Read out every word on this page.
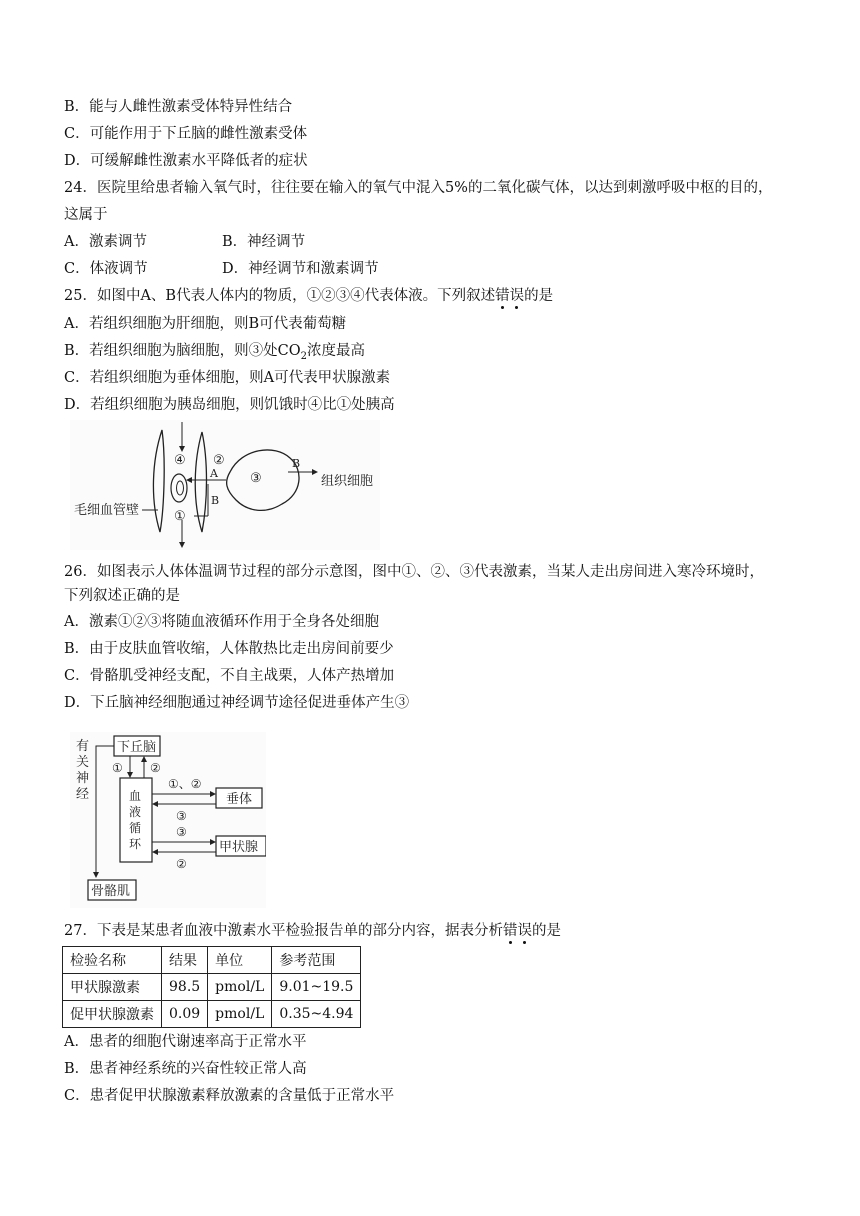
B．能与人雌性激素受体特异性结合
C．可能作用于下丘脑的雌性激素受体
D．可缓解雌性激素水平降低者的症状
24．医院里给患者输入氧气时，往往要在输入的氧气中混入5%的二氧化碳气体，以达到刺激呼吸中枢的目的，
这属于
A．激素调节	B．神经调节
C．体液调节	D．神经调节和激素调节
25．如图中A、B代表人体内的物质，①②③④代表体液。下列叙述错误的是
A．若组织细胞为肝细胞，则B可代表葡萄糖
B．若组织细胞为脑细胞，则③处$CO_2$浓度最高
C．若组织细胞为垂体细胞，则A可代表甲状腺激素
D．若组织细胞为胰岛细胞，则饥饿时④比①处胰高
④
①
②
A
B
③
B
组织细胞
毛细血管壁
26．如图表示人体体温调节过程的部分示意图，图中①、②、③代表激素，当某人走出房间进入寒冷环境时，
下列叙述正确的是
A．激素①②③将随血液循环作用于全身各处细胞
B．由于皮肤血管收缩，人体散热比走出房间前要少
C．骨骼肌受神经支配，不自主战栗，人体产热增加
D．下丘脑神经细胞通过神经调节途径促进垂体产生③
有
关
神
经
下丘脑
骨骼肌
血
液
循
环
① ②
垂体
①、②
③
甲状腺
③
②
27．下表是某患者血液中激素水平检验报告单的部分内容，据表分析错误的是
检验名称	结果	单位	参考范围
甲状腺激素	98.5	pmol/L	9.01~19.5
促甲状腺激素	0.09	pmol/L	0.35~4.94
A．患者的细胞代谢速率高于正常水平
B．患者神经系统的兴奋性较正常人高
C．患者促甲状腺激素释放激素的含量低于正常水平
